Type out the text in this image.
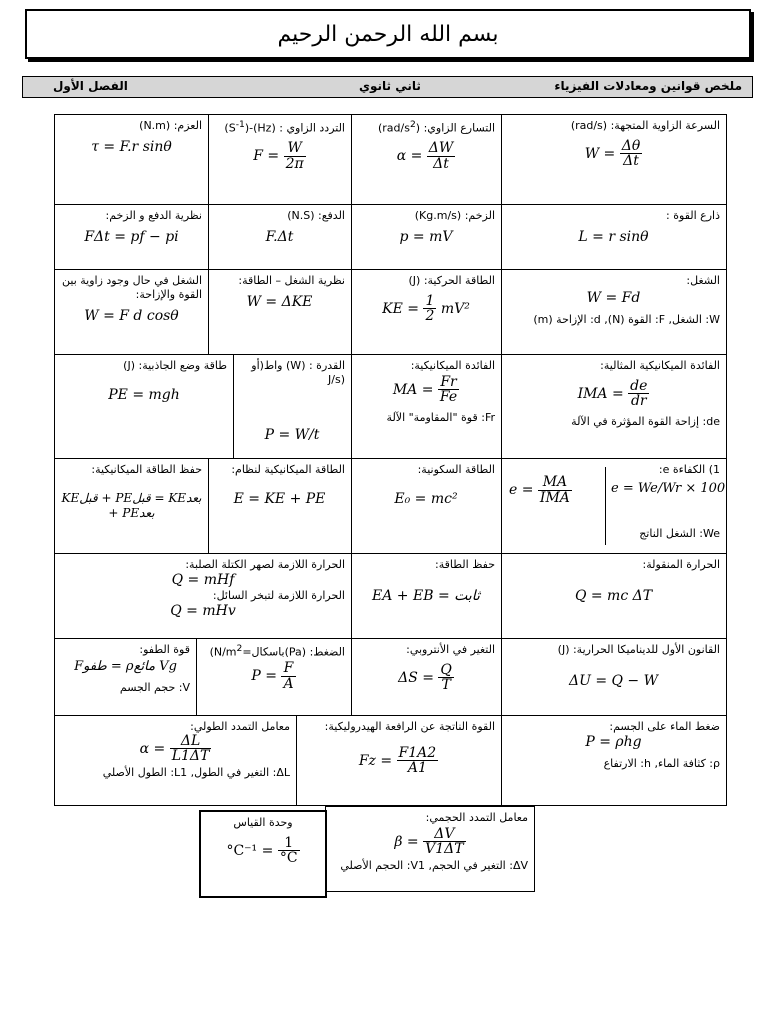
بسم الله الرحمن الرحيم
ملخص قوانين ومعادلات الفيزياء
ثاني ثانوي
الفصل الأول
السرعة الزاوية المتجهة: (rad/s)
$W = \frac{\Delta\theta}{\Delta t}$
التسارع الزاوي: $(rad/s^2)$
$\alpha = \frac{\Delta W}{\Delta t}$
التردد الزاوي : $(Hz)-(S^{-1})$
$F = \frac{W}{2\pi}$
العزم: (N.m)
τ = F.r sinθ
ذارع القوة :
L = r sinθ
الزخم: (Kg.m/s)
p = mV
الدفع: (N.S)
F.Δt
نظرية الدفع و الزخم:
FΔt = pf − pi
الشغل:
W = Fd
W: الشغل, F: القوة (N), d: الإزاحة (m)
الطاقة الحركية: (J)
KE = $\frac{1}{2} mV^2$
نظرية الشغل – الطاقة:
W = ΔKE
الشغل في حال وجود زاوية بين القوة والإزاحة:
W = F d cosθ
الفائدة الميكانيكية المثالية:
IMA = $\frac{de}{dr}$
de: إزاحة القوة المؤثرة في الآلة
الفائدة الميكانيكية:
MA = $\frac{Fr}{Fe}$
Fr: قوة "المقاومة" الآلة
القدرة : (W) واط(أو (J/s
P = W/t
طاقة وضع الجاذبية: (J)
PE = mgh
1) الكفاءة e:
e = We/Wr × 100
$e = \frac{MA}{\text{IMA}}$
We: الشغل الناتج
الطاقة السكونية:
E₀ = mc²
الطاقة الميكانيكية لنظام:
E = KE + PE
حفظ الطاقة الميكانيكية:
KEقبل + PEقبل = KEبعد + PEبعد
الحرارة المنقولة:
Q = mc ΔT
حفظ الطاقة:
EA + EB = ثابت
الحرارة اللازمة لصهر الكتلة الصلبة:
Q = mHf
الحرارة اللازمة لتبخر السائل:
Q = mHv
القانون الأول للديناميكا الحرارية: (J)
ΔU = Q − W
التغير في الأنتروبي:
$\Delta S = \frac{Q}{T}$
الضغط: $(Pa)باسكال=N/m^2$)
$P = \frac{F}{A}$
قوة الطفو:
Fطفو = ρمائع Vg
V: حجم الجسم
ضغط الماء على الجسم:
P = ρhg
ρ: كثافة الماء, h: الارتفاع
القوة الناتجة عن الرافعة الهيدروليكية:
$Fz = \frac{F1A2}{A1}$
معامل التمدد الطولي:
$\alpha = \frac{\Delta L}{L1\Delta T}$
ΔL: التغير في الطول, L1: الطول الأصلي
معامل التمدد الحجمي:
$\beta = \frac{\Delta V}{V1\Delta T}$
ΔV: التغير في الحجم, V1: الحجم الأصلي
وحدة القياس
$^\circ C^{-1} = \frac{1}{^\circ C}$
